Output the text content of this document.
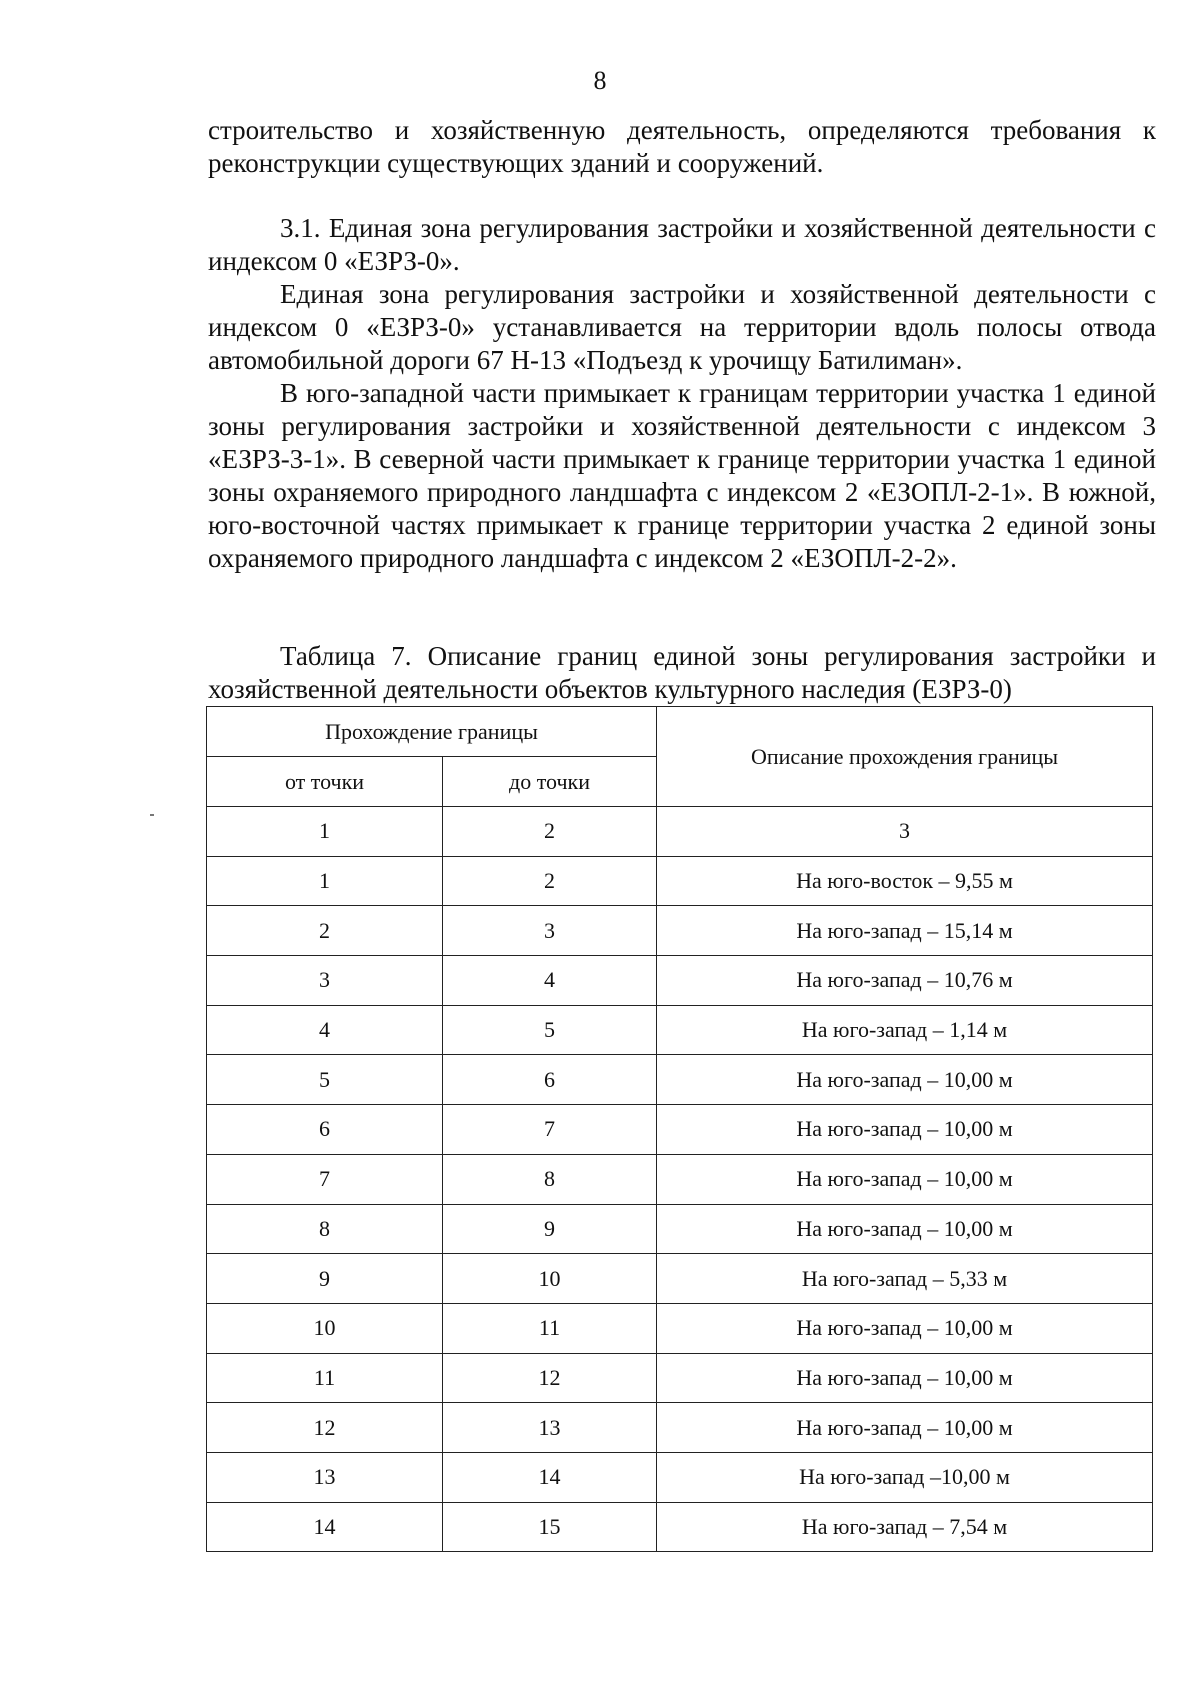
8

строительство и хозяйственную деятельность, определяются требования к реконструкции существующих зданий и сооружений.

3.1. Единая зона регулирования застройки и хозяйственной деятельности с индексом 0 «ЕЗРЗ-0».

Единая зона регулирования застройки и хозяйственной деятельности с индексом 0 «ЕЗРЗ-0» устанавливается на территории вдоль полосы отвода автомобильной дороги 67 Н-13 «Подъезд к урочищу Батилиман».

В юго-западной части примыкает к границам территории участка 1 единой зоны регулирования застройки и хозяйственной деятельности с индексом 3 «ЕЗРЗ-3-1». В северной части примыкает к границе территории участка 1 единой зоны охраняемого природного ландшафта с индексом 2 «ЕЗОПЛ-2-1». В южной, юго-восточной частях примыкает к границе территории участка 2 единой зоны охраняемого природного ландшафта с индексом 2 «ЕЗОПЛ-2-2».

Таблица 7. Описание границ единой зоны регулирования застройки и хозяйственной деятельности объектов культурного наследия (ЕЗРЗ-0)

Прохождение границы		Описание прохождения границы
от точки	до точки	
1	2	3
1	2	На юго-восток – 9,55 м
2	3	На юго-запад – 15,14 м
3	4	На юго-запад – 10,76 м
4	5	На юго-запад – 1,14 м
5	6	На юго-запад – 10,00 м
6	7	На юго-запад – 10,00 м
7	8	На юго-запад – 10,00 м
8	9	На юго-запад – 10,00 м
9	10	На юго-запад – 5,33 м
10	11	На юго-запад – 10,00 м
11	12	На юго-запад – 10,00 м
12	13	На юго-запад – 10,00 м
13	14	На юго-запад –10,00 м
14	15	На юго-запад – 7,54 м
